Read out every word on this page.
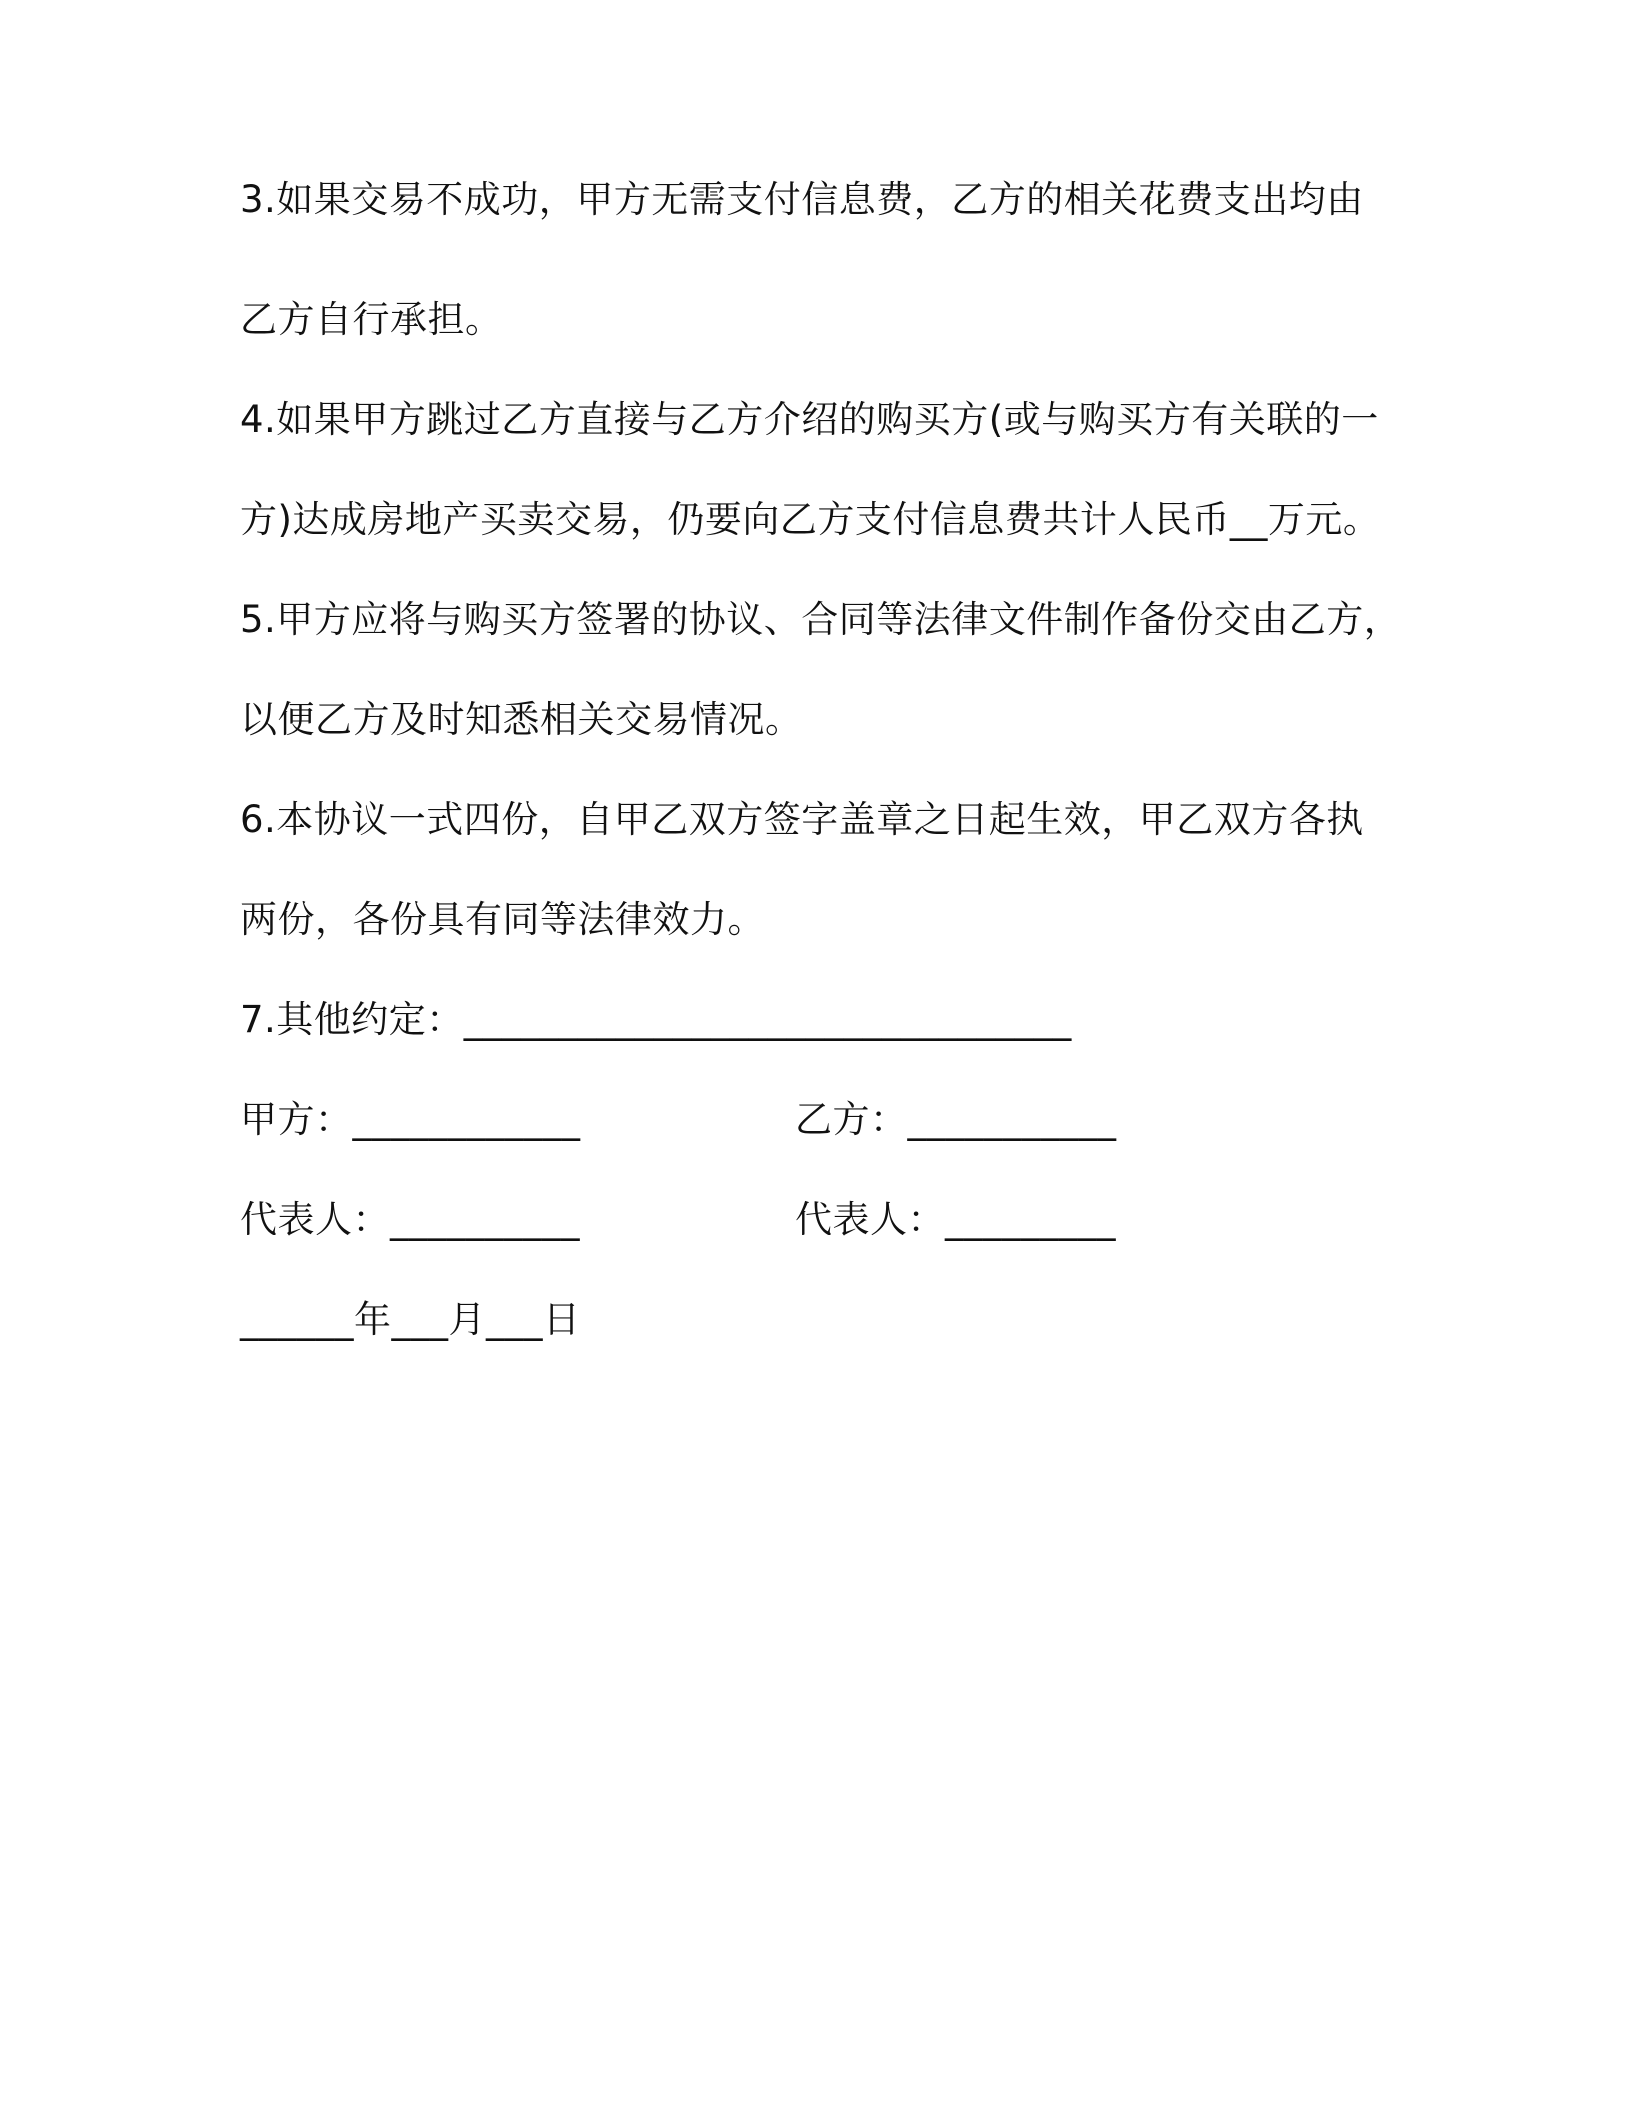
3.如果交易不成功，甲方无需支付信息费，乙方的相关花费支出均由
乙方自行承担。
4.如果甲方跳过乙方直接与乙方介绍的购买方(或与购买方有关联的一
方)达成房地产买卖交易，仍要向乙方支付信息费共计人民币__万元。
5.甲方应将与购买方签署的协议、合同等法律文件制作备份交由乙方，
以便乙方及时知悉相关交易情况。
6.本协议一式四份，自甲乙双方签字盖章之日起生效，甲乙双方各执
两份，各份具有同等法律效力。
7.其他约定：________________________________
甲方：____________	乙方：___________
代表人：__________	代表人：_________
______年___月___日
